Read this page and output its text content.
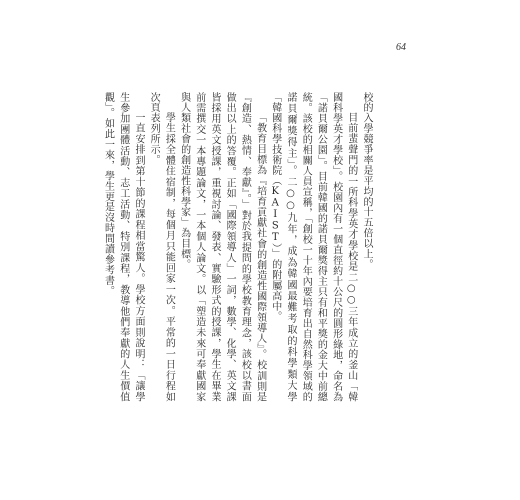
64

校的入學競爭率是平均的十五倍以上。

目前蜚聲門的一所科學英才學校是二○○三年成立的釜山「韓國科學英才學校」。校園內有一個直徑約十公尺的圓形綠地，命名為「諾貝爾公園」。目前韓國的諾貝爾獎得主只有和平獎的金大中前總統。該校的相關人員宣稱，「創校一十年內要培育出自然科學領域的諾貝爾獎得主」。二○○九年，成為韓國最難考取的科學類大學「韓國科學技術院（KAIST）」的附屬高中。

「教育目標為『培育貢獻社會的創造性國際領導人』。校訓則是『創造、熱情、奉獻』。」對於我提問的學校教育理念，該校以書面做出以上的答覆。正如「國際領導人」一詞，數學、化學、英文課皆採用英文授課，重視討論、發表、實驗形式的授課，學生在畢業前需撰交一本專題論文，一本個人論文。以「塑造未來可奉獻國家與人類社會的創造性科學家」為目標。

學生採全體住宿制，每個月只能回家一次。平常的一日行程如次頁表列所示。

一直安排到第十節的課程相當驚人。學校方面則說明：「讓學生參加團體活動、志工活動、特別課程，教導他們奉獻的人生價值觀」。如此一來，學生更是沒時間讀參考書。
